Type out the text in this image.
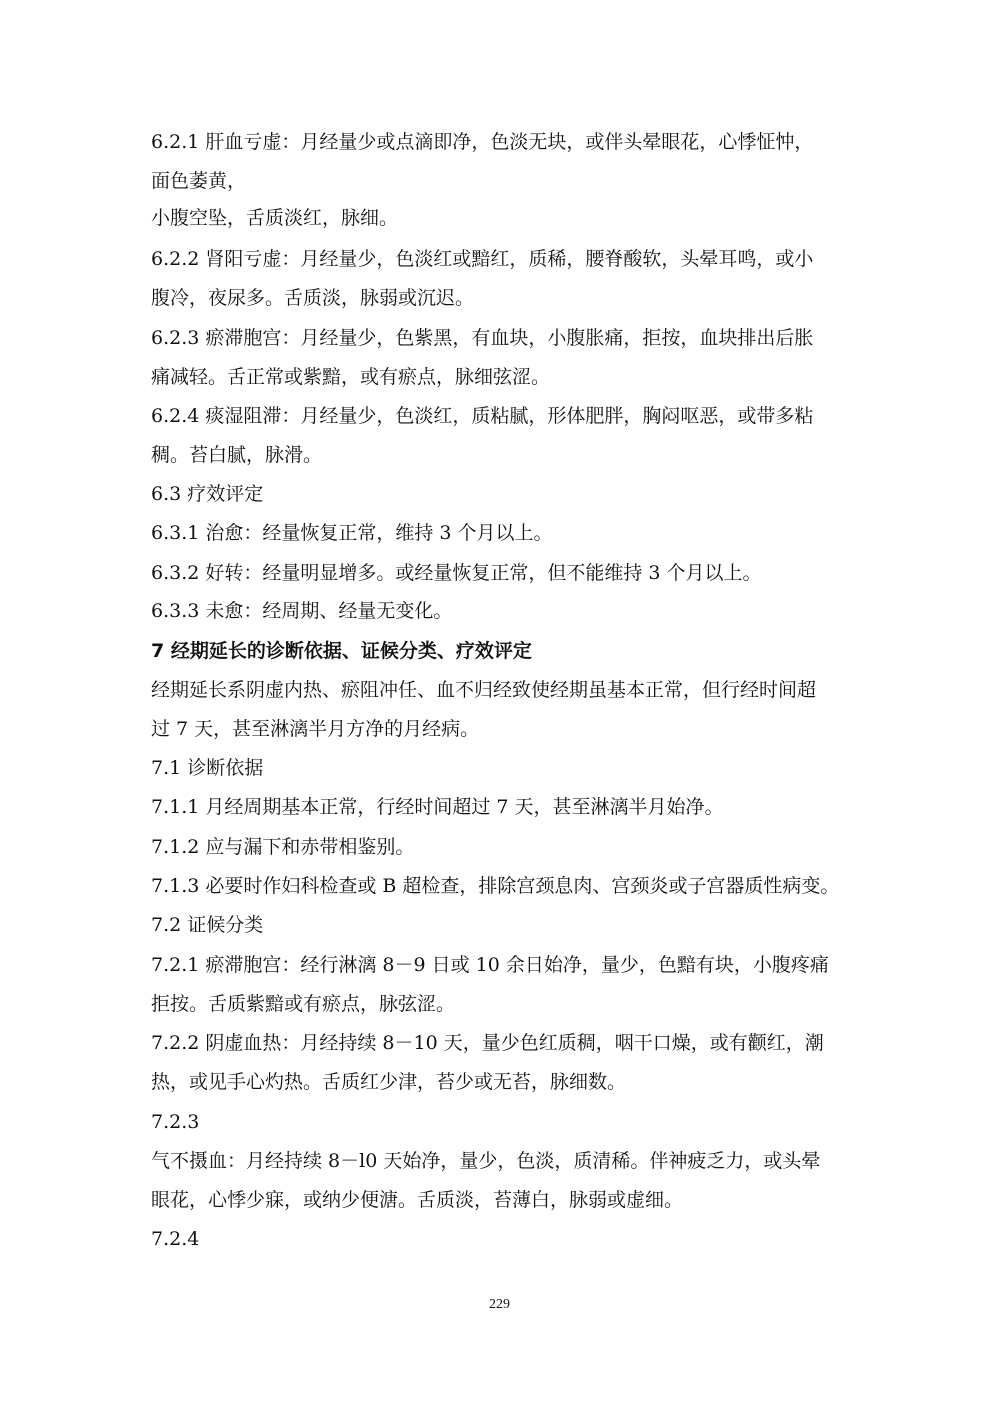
6.2.1 肝血亏虚：月经量少或点滴即净，色淡无块，或伴头晕眼花，心悸怔忡，
面色萎黄，
小腹空坠，舌质淡红，脉细。
6.2.2 肾阳亏虚：月经量少，色淡红或黯红，质稀，腰脊酸软，头晕耳鸣，或小
腹冷，夜尿多。舌质淡，脉弱或沉迟。
6.2.3 瘀滞胞宫：月经量少，色紫黑，有血块，小腹胀痛，拒按，血块排出后胀
痛减轻。舌正常或紫黯，或有瘀点，脉细弦涩。
6.2.4 痰湿阻滞：月经量少，色淡红，质粘腻，形体肥胖，胸闷呕恶，或带多粘
稠。苔白腻，脉滑。
6.3 疗效评定
6.3.1 治愈：经量恢复正常，维持 3 个月以上。
6.3.2 好转：经量明显增多。或经量恢复正常，但不能维持 3 个月以上。
6.3.3 未愈：经周期、经量无变化。
7 经期延长的诊断依据、证候分类、疗效评定
经期延长系阴虚内热、瘀阻冲任、血不归经致使经期虽基本正常，但行经时间超
过 7 天，甚至淋漓半月方净的月经病。
7.1 诊断依据
7.1.1 月经周期基本正常，行经时间超过 7 天，甚至淋漓半月始净。
7.1.2 应与漏下和赤带相鉴别。
7.1.3 必要时作妇科检查或 B 超检查，排除宫颈息肉、宫颈炎或子宫器质性病变。
7.2 证候分类
7.2.1 瘀滞胞宫：经行淋漓 8－9 日或 10 余日始净，量少，色黯有块，小腹疼痛
拒按。舌质紫黯或有瘀点，脉弦涩。
7.2.2 阴虚血热：月经持续 8－10 天，量少色红质稠，咽干口燥，或有颧红，潮
热，或见手心灼热。舌质红少津，苔少或无苔，脉细数。
7.2.3
气不摄血：月经持续 8－l0 天始净，量少，色淡，质清稀。伴神疲乏力，或头晕
眼花，心悸少寐，或纳少便溏。舌质淡，苔薄白，脉弱或虚细。
7.2.4
229
